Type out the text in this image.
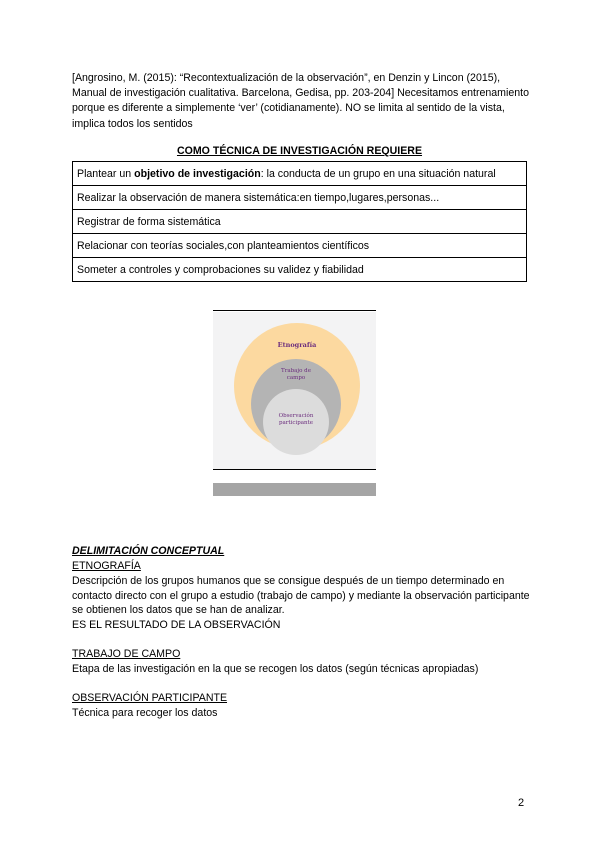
[Angrosino, M. (2015): “Recontextualización de la observación”, en Denzin y Lincon (2015), Manual de investigación cualitativa. Barcelona, Gedisa, pp. 203-204] Necesitamos entrenamiento porque es diferente a simplemente ‘ver’ (cotidianamente). NO se limita al sentido de la vista, implica todos los sentidos

COMO TÉCNICA DE INVESTIGACIÓN REQUIERE

Plantear un objetivo de investigación: la conducta de un grupo en una situación natural
Realizar la observación de manera sistemática:en tiempo,lugares,personas...
Registrar de forma sistemática
Relacionar con teorías sociales,con planteamientos científicos
Someter a controles y comprobaciones su validez y fiabilidad
Etnografía
Trabajo de
campo
Observación
participante

DELIMITACIÓN CONCEPTUAL

ETNOGRAFÍA

Descripción de los grupos humanos que se consigue después de un tiempo determinado en contacto directo con el grupo a estudio (trabajo de campo) y mediante la observación participante se obtienen los datos que se han de analizar.

ES EL RESULTADO DE LA OBSERVACIÓN

TRABAJO DE CAMPO

Etapa de las investigación en la que se recogen los datos (según técnicas apropiadas)

OBSERVACIÓN PARTICIPANTE

Técnica para recoger los datos

2
